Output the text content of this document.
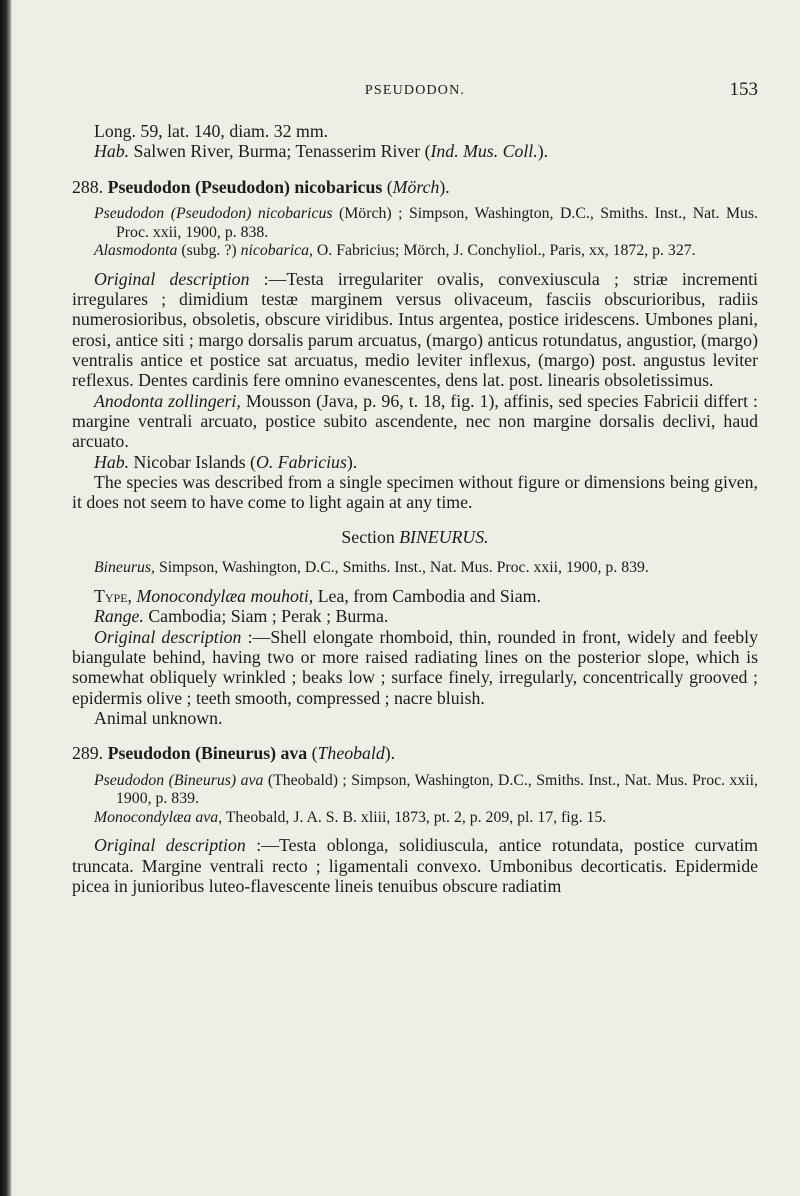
PSEUDODON.	153

Long. 59, lat. 140, diam. 32 mm.

Hab. Salwen River, Burma; Tenasserim River (Ind. Mus. Coll.).

288. Pseudodon (Pseudodon) nicobaricus (Mörch).

Pseudodon (Pseudodon) nicobaricus (Mörch) ; Simpson, Washington, D.C., Smiths. Inst., Nat. Mus. Proc. xxii, 1900, p. 838.

Alasmodonta (subg. ?) nicobarica, O. Fabricius; Mörch, J. Conchyliol., Paris, xx, 1872, p. 327.

Original description :—Testa irregulariter ovalis, convexiuscula ; striæ incrementi irregulares ; dimidium testæ marginem versus olivaceum, fasciis obscurioribus, radiis numerosioribus, obsoletis, obscure viridibus. Intus argentea, postice iridescens. Umbones plani, erosi, antice siti ; margo dorsalis parum arcuatus, (margo) anticus rotundatus, angustior, (margo) ventralis antice et postice sat arcuatus, medio leviter inflexus, (margo) post. angustus leviter reflexus. Dentes cardinis fere omnino evanescentes, dens lat. post. linearis obsoletissimus.

Anodonta zollingeri, Mousson (Java, p. 96, t. 18, fig. 1), affinis, sed species Fabricii differt : margine ventrali arcuato, postice subito ascendente, nec non margine dorsalis declivi, haud arcuato.

Hab. Nicobar Islands (O. Fabricius).

The species was described from a single specimen without figure or dimensions being given, it does not seem to have come to light again at any time.

Section BINEURUS.

Bineurus, Simpson, Washington, D.C., Smiths. Inst., Nat. Mus. Proc. xxii, 1900, p. 839.

Type, Monocondylæa mouhoti, Lea, from Cambodia and Siam.

Range. Cambodia; Siam ; Perak ; Burma.

Original description :—Shell elongate rhomboid, thin, rounded in front, widely and feebly biangulate behind, having two or more raised radiating lines on the posterior slope, which is somewhat obliquely wrinkled ; beaks low ; surface finely, irregularly, concentrically grooved ; epidermis olive ; teeth smooth, compressed ; nacre bluish.

Animal unknown.

289. Pseudodon (Bineurus) ava (Theobald).

Pseudodon (Bineurus) ava (Theobald) ; Simpson, Washington, D.C., Smiths. Inst., Nat. Mus. Proc. xxii, 1900, p. 839.

Monocondylæa ava, Theobald, J. A. S. B. xliii, 1873, pt. 2, p. 209, pl. 17, fig. 15.

Original description :—Testa oblonga, solidiuscula, antice rotundata, postice curvatim truncata. Margine ventrali recto ; ligamentali convexo. Umbonibus decorticatis. Epidermide picea in junioribus luteo-flavescente lineis tenuibus obscure radiatim
